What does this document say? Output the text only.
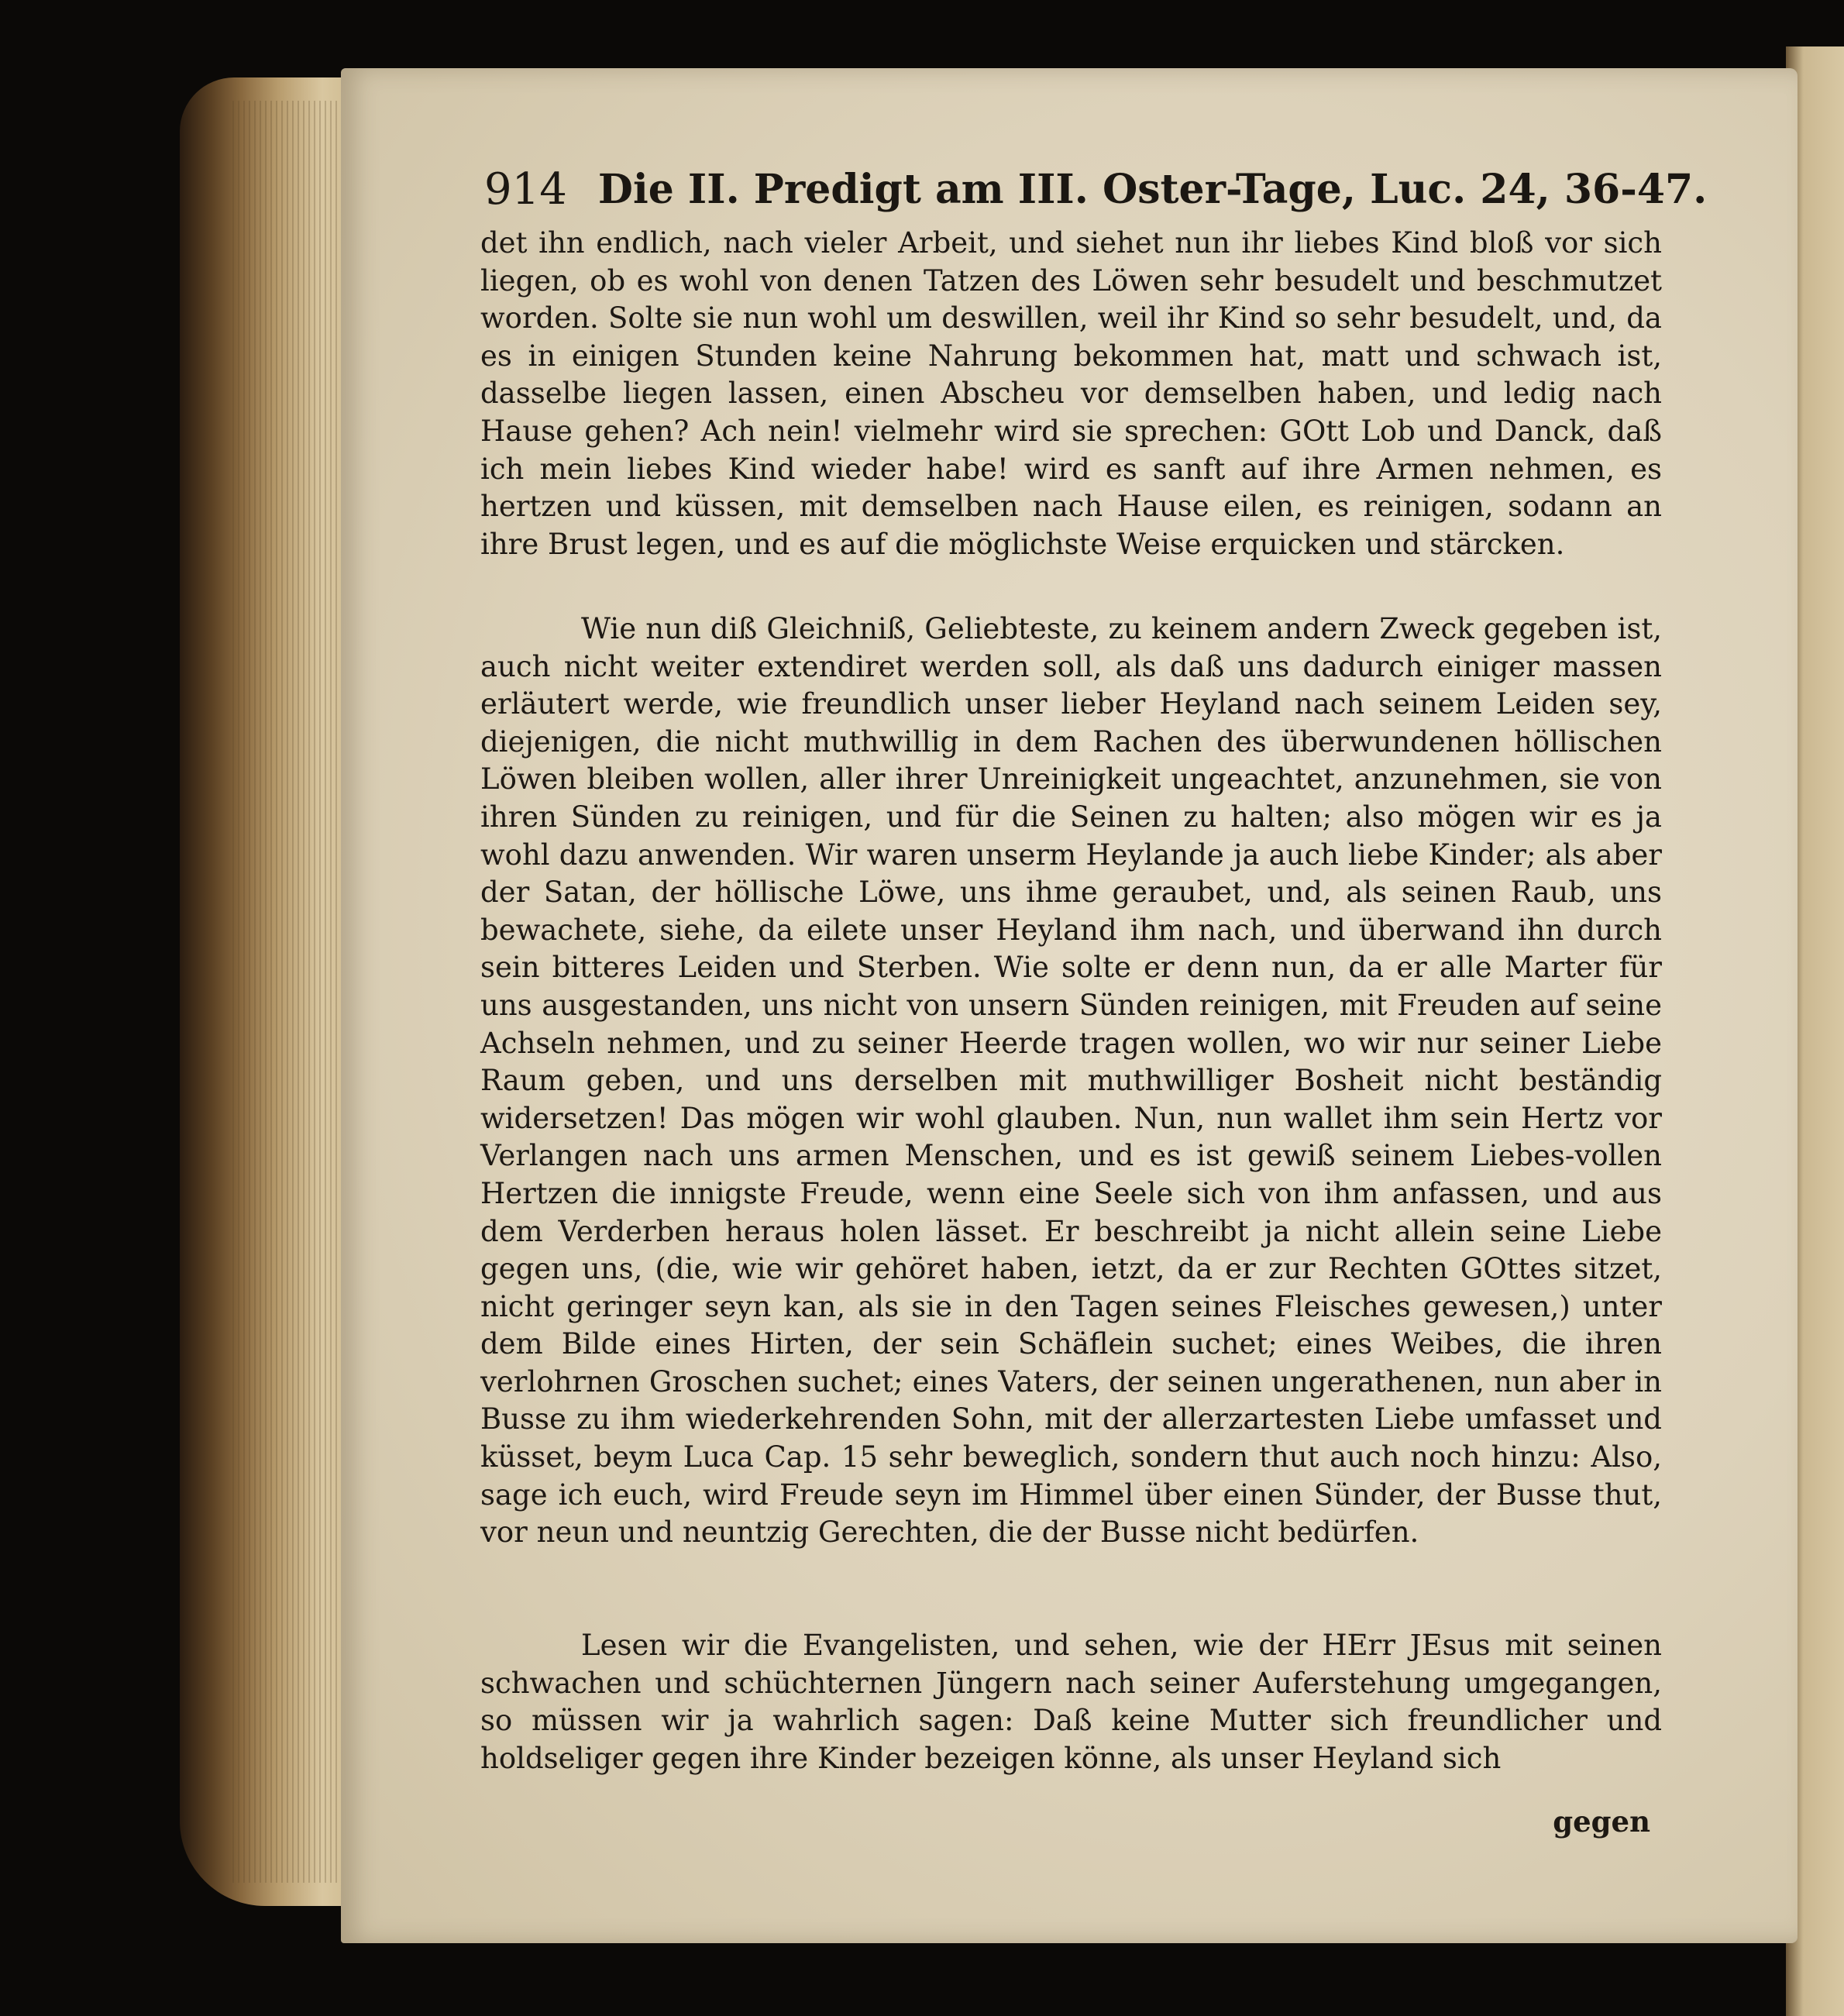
914 Die II. Predigt am III. Oster-Tage, Luc. 24, 36-47.

det ihn endlich, nach vieler Arbeit, und siehet nun ihr liebes Kind bloß vor sich liegen, ob es wohl von denen Tatzen des Löwen sehr besudelt und beschmutzet worden. Solte sie nun wohl um deswillen, weil ihr Kind so sehr besudelt, und, da es in einigen Stunden keine Nahrung bekommen hat, matt und schwach ist, dasselbe liegen lassen, einen Abscheu vor demselben haben, und ledig nach Hause gehen? Ach nein! vielmehr wird sie sprechen: GOtt Lob und Danck, daß ich mein liebes Kind wieder habe! wird es sanft auf ihre Armen nehmen, es hertzen und küssen, mit demselben nach Hause eilen, es reinigen, sodann an ihre Brust legen, und es auf die möglichste Weise erquicken und stärcken.

Wie nun diß Gleichniß, Geliebteste, zu keinem andern Zweck gegeben ist, auch nicht weiter extendiret werden soll, als daß uns dadurch einiger massen erläutert werde, wie freundlich unser lieber Heyland nach seinem Leiden sey, diejenigen, die nicht muthwillig in dem Rachen des überwundenen höllischen Löwen bleiben wollen, aller ihrer Unreinigkeit ungeachtet, anzunehmen, sie von ihren Sünden zu reinigen, und für die Seinen zu halten; also mögen wir es ja wohl dazu anwenden. Wir waren unserm Heylande ja auch liebe Kinder; als aber der Satan, der höllische Löwe, uns ihme geraubet, und, als seinen Raub, uns bewachete, siehe, da eilete unser Heyland ihm nach, und überwand ihn durch sein bitteres Leiden und Sterben. Wie solte er denn nun, da er alle Marter für uns ausgestanden, uns nicht von unsern Sünden reinigen, mit Freuden auf seine Achseln nehmen, und zu seiner Heerde tragen wollen, wo wir nur seiner Liebe Raum geben, und uns derselben mit muthwilliger Bosheit nicht beständig widersetzen! Das mögen wir wohl glauben. Nun, nun wallet ihm sein Hertz vor Verlangen nach uns armen Menschen, und es ist gewiß seinem Liebes-vollen Hertzen die innigste Freude, wenn eine Seele sich von ihm anfassen, und aus dem Verderben heraus holen lässet. Er beschreibt ja nicht allein seine Liebe gegen uns, (die, wie wir gehöret haben, ietzt, da er zur Rechten GOttes sitzet, nicht geringer seyn kan, als sie in den Tagen seines Fleisches gewesen,) unter dem Bilde eines Hirten, der sein Schäflein suchet; eines Weibes, die ihren verlohrnen Groschen suchet; eines Vaters, der seinen ungerathenen, nun aber in Busse zu ihm wiederkehrenden Sohn, mit der allerzartesten Liebe umfasset und küsset, beym Luca Cap. 15 sehr beweglich, sondern thut auch noch hinzu: Also, sage ich euch, wird Freude seyn im Himmel über einen Sünder, der Busse thut, vor neun und neuntzig Gerechten, die der Busse nicht bedürfen.

Lesen wir die Evangelisten, und sehen, wie der HErr JEsus mit seinen schwachen und schüchternen Jüngern nach seiner Auferstehung umgegangen, so müssen wir ja wahrlich sagen: Daß keine Mutter sich freundlicher und holdseliger gegen ihre Kinder bezeigen könne, als unser Heyland sich

gegen
